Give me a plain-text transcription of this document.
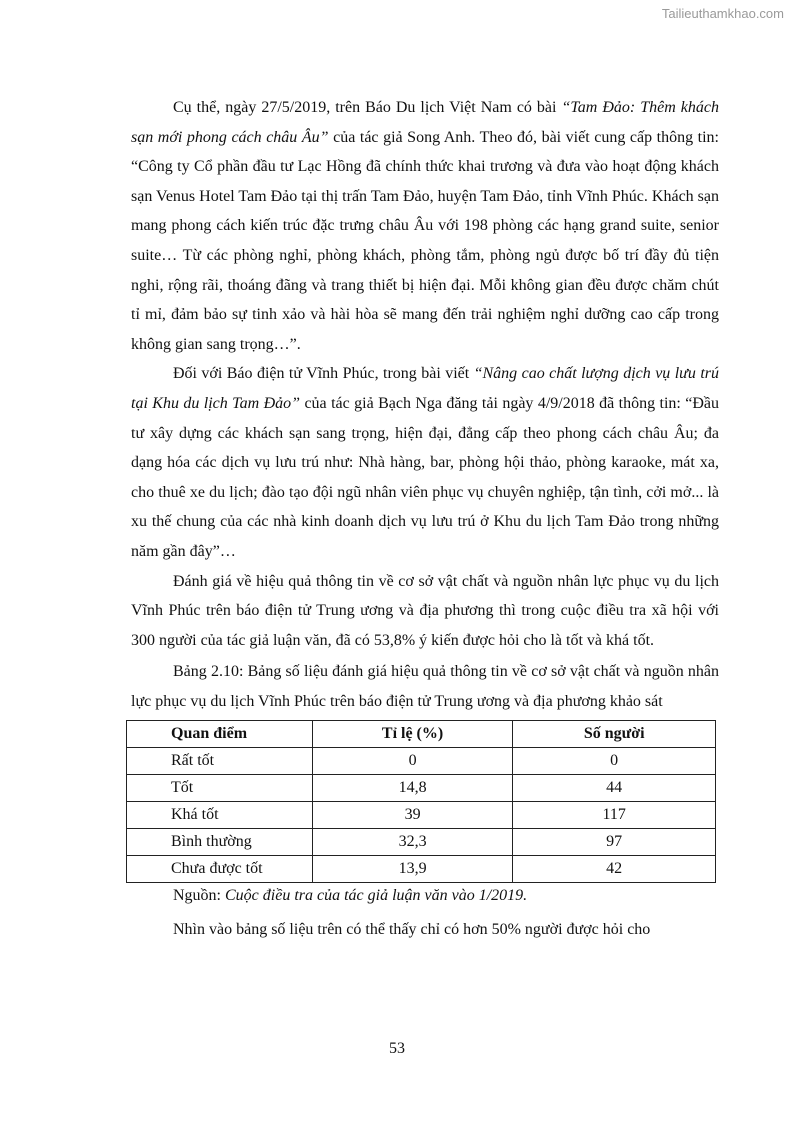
Tailieuthamkhao.com

Cụ thể, ngày 27/5/2019, trên Báo Du lịch Việt Nam có bài “Tam Đảo: Thêm khách sạn mới phong cách châu Âu” của tác giả Song Anh. Theo đó, bài viết cung cấp thông tin: “Công ty Cổ phần đầu tư Lạc Hồng đã chính thức khai trương và đưa vào hoạt động khách sạn Venus Hotel Tam Đảo tại thị trấn Tam Đảo, huyện Tam Đảo, tỉnh Vĩnh Phúc. Khách sạn mang phong cách kiến trúc đặc trưng châu Âu với 198 phòng các hạng grand suite, senior suite… Từ các phòng nghỉ, phòng khách, phòng tắm, phòng ngủ được bố trí đầy đủ tiện nghi, rộng rãi, thoáng đãng và trang thiết bị hiện đại. Mỗi không gian đều được chăm chút tỉ mỉ, đảm bảo sự tinh xảo và hài hòa sẽ mang đến trải nghiệm nghỉ dưỡng cao cấp trong không gian sang trọng…”.

Đối với Báo điện tử Vĩnh Phúc, trong bài viết “Nâng cao chất lượng dịch vụ lưu trú tại Khu du lịch Tam Đảo” của tác giả Bạch Nga đăng tải ngày 4/9/2018 đã thông tin: “Đầu tư xây dựng các khách sạn sang trọng, hiện đại, đẳng cấp theo phong cách châu Âu; đa dạng hóa các dịch vụ lưu trú như: Nhà hàng, bar, phòng hội thảo, phòng karaoke, mát xa, cho thuê xe du lịch; đào tạo đội ngũ nhân viên phục vụ chuyên nghiệp, tận tình, cởi mở... là xu thế chung của các nhà kinh doanh dịch vụ lưu trú ở Khu du lịch Tam Đảo trong những năm gần đây”…

Đánh giá về hiệu quả thông tin về cơ sở vật chất và nguồn nhân lực phục vụ du lịch Vĩnh Phúc trên báo điện tử Trung ương và địa phương thì trong cuộc điều tra xã hội với 300 người của tác giả luận văn, đã có 53,8% ý kiến được hỏi cho là tốt và khá tốt.

Bảng 2.10: Bảng số liệu đánh giá hiệu quả thông tin về cơ sở vật chất và nguồn nhân lực phục vụ du lịch Vĩnh Phúc trên báo điện tử Trung ương và địa phương khảo sát

Quan điểm	Tỉ lệ (%)	Số người
Rất tốt	0	0
Tốt	14,8	44
Khá tốt	39	117
Bình thường	32,3	97
Chưa được tốt	13,9	42

Nguồn: Cuộc điều tra của tác giả luận văn vào 1/2019.

Nhìn vào bảng số liệu trên có thể thấy chỉ có hơn 50% người được hỏi cho

53
